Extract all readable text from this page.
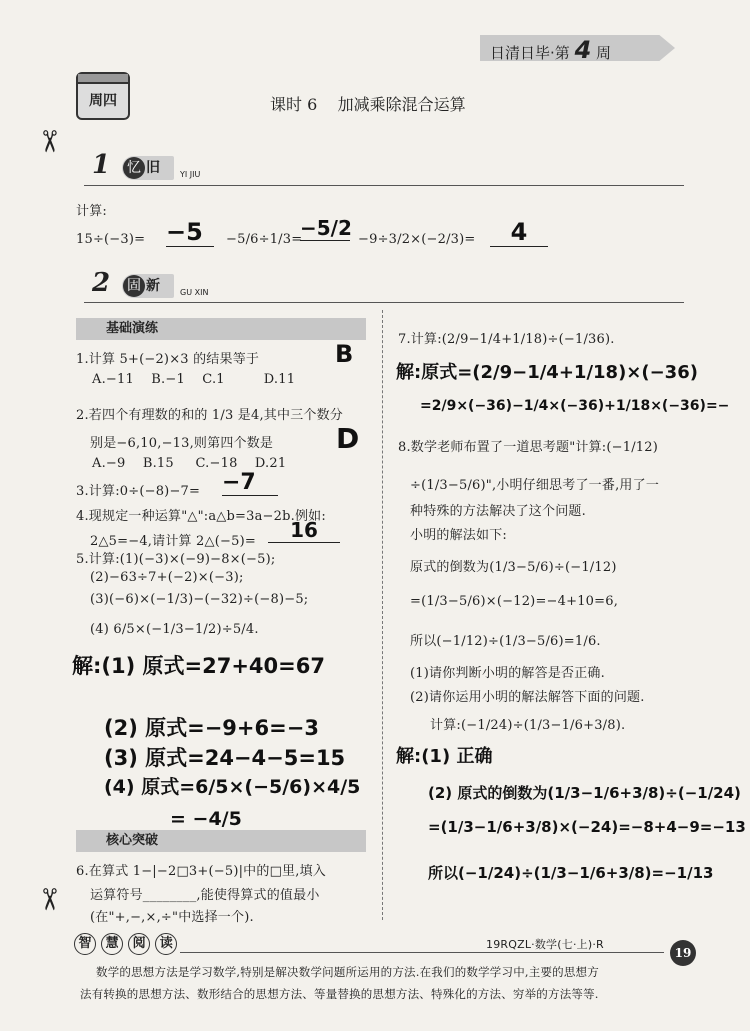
日清日毕·第 4 周
周四	课时 6    加减乘除混合运算
✂
✂
1	忆 旧	YI JIU
计算:
15÷(−3)= −5	−5/6÷1/3=
−5/2 −9÷3/2×(−2/3)=	4
2	固 新	GU XIN
基础演练
1.计算 5+(−2)×3 的结果等于	B
A.−11    B.−1    C.1         D.11
2.若四个有理数的和的 1/3 是4,其中三个数分
别是−6,10,−13,则第四个数是 D
A.−9    B.15     C.−18    D.21
3.计算:0÷(−8)−7= −7
4.现规定一种运算"△":a△b=3a−2b.例如:
2△5=−4,请计算 2△(−5)=	16
5.计算:(1)(−3)×(−9)−8×(−5);
(2)−63÷7+(−2)×(−3);
(3)(−6)×(−1/3)−(−32)÷(−8)−5;
(4) 6/5×(−1/3−1/2)÷5/4.
解:(1) 原式=27+40=67
(2) 原式=−9+6=−3
(3) 原式=24−4−5=15
(4) 原式=6/5×(−5/6)×4/5
= −4/5
核心突破
6.在算式 1−|−2□3+(−5)|中的□里,填入
运算符号________,能使得算式的值最小
(在"+,−,×,÷"中选择一个).
7.计算:(2/9−1/4+1/18)÷(−1/36).
解:原式=(2/9−1/4+1/18)×(−36)
=2/9×(−36)−1/4×(−36)+1/18×(−36)=−
8.数学老师布置了一道思考题"计算:(−1/12)
÷(1/3−5/6)",小明仔细思考了一番,用了一
种特殊的方法解决了这个问题.
小明的解法如下:
原式的倒数为(1/3−5/6)÷(−1/12)
=(1/3−5/6)×(−12)=−4+10=6,
所以(−1/12)÷(1/3−5/6)=1/6.
(1)请你判断小明的解答是否正确.
(2)请你运用小明的解法解答下面的问题.
计算:(−1/24)÷(1/3−1/6+3/8).
解:(1) 正确
(2) 原式的倒数为(1/3−1/6+3/8)÷(−1/24)
=(1/3−1/6+3/8)×(−24)=−8+4−9=−13
所以(−1/24)÷(1/3−1/6+3/8)=−1/13
智 慧 阅 读	19RQZL·数学(七·上)·R
19
数学的思想方法是学习数学,特别是解决数学问题所运用的方法.在我们的数学学习中,主要的思想方
法有转换的思想方法、数形结合的思想方法、等量替换的思想方法、特殊化的方法、穷举的方法等等.
